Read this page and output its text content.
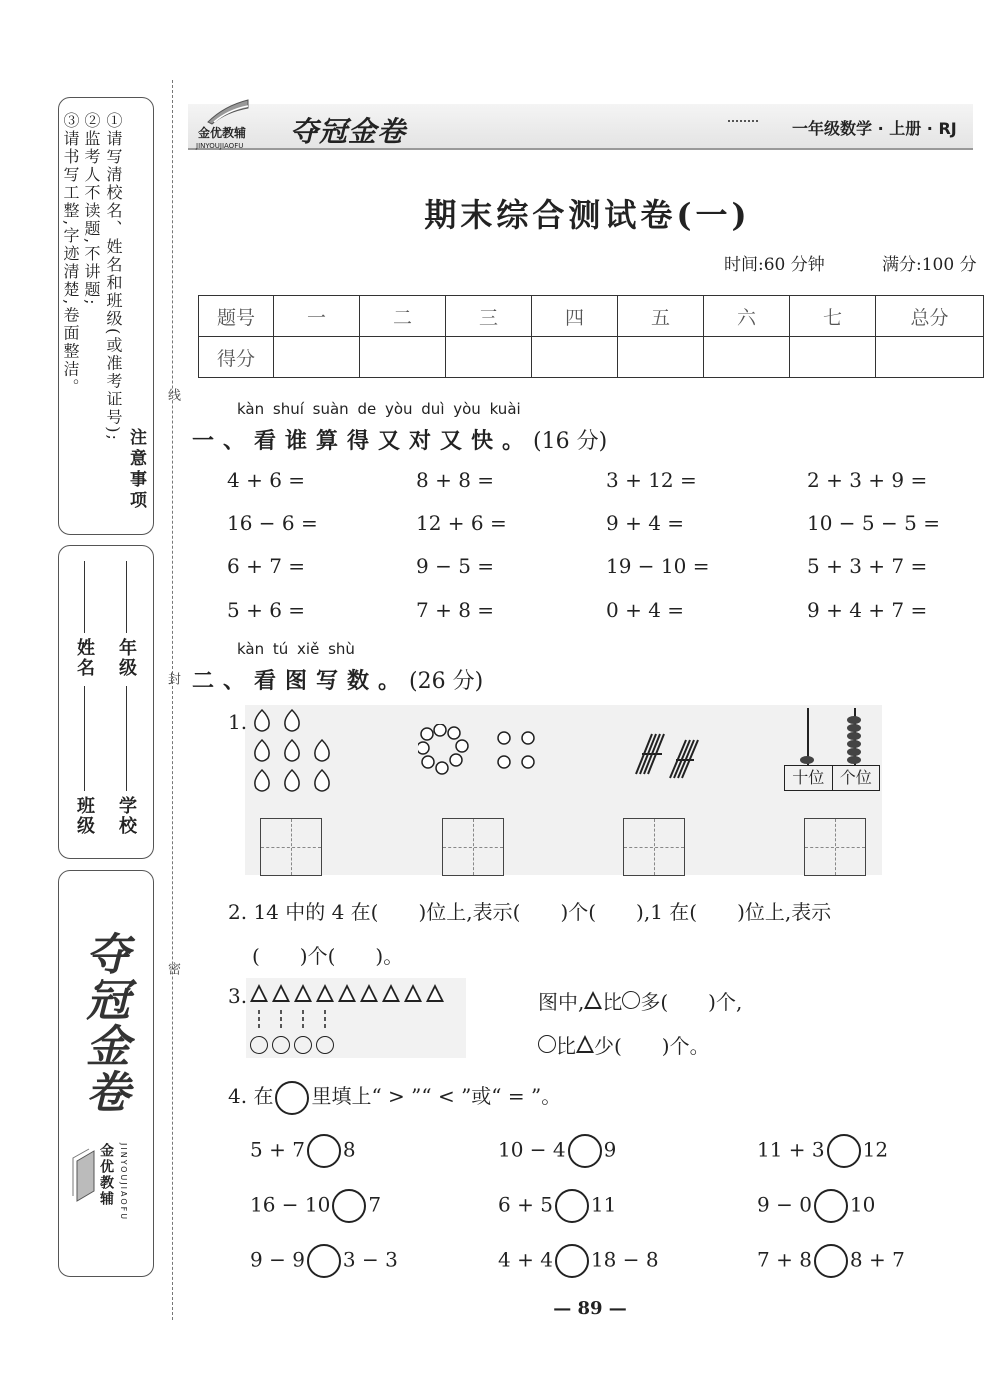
注意事项
①请写清校名、姓名和班级(或准考证号);
②监考人不读题,不讲题;
③请书写工整,字迹清楚,卷面整洁。
学校
年级
班级
姓名
夺冠金卷
金优教辅 JINYOUJIAOFU
线
封
密
金优教辅
JINYOUJIAOFU 夺冠金卷	一年级数学 · 上册 · RJ
期末综合测试卷(一)
时间:60 分钟	满分:100 分
题号	一	二	三	四	五	六	七	总分
得分								
kàn shuí suàn de yòu duì yòu kuài
一、看谁算得又对又快。(16 分)
4 + 6 =	8 + 8 =	3 + 12 =	2 + 3 + 9 =
16 − 6 =	12 + 6 =	9 + 4 =	10 − 5 − 5 =
6 + 7 =	9 − 5 =	19 − 10 =	5 + 3 + 7 =
5 + 6 =	7 + 8 =	0 + 4 =	9 + 4 + 7 =
kàn tú xiě shù
二、看图写数。(26 分)
1.
十位 个位
2. 14 中的 4 在(　　)位上,表示(　　)个(　　),1 在(　　)位上,表示
(　　)个(　　)。
3.	图中, 比 多(　　)个,
比 少(　　)个。
4. 在 里填上“ > ”“ < ”或“ = ”。
5 + 7 8	10 − 4 9	11 + 3 12
16 − 10 7	6 + 5 11	9 − 0 10
9 − 9 3 − 3	4 + 4 18 − 8	7 + 8 8 + 7
— 89 —
